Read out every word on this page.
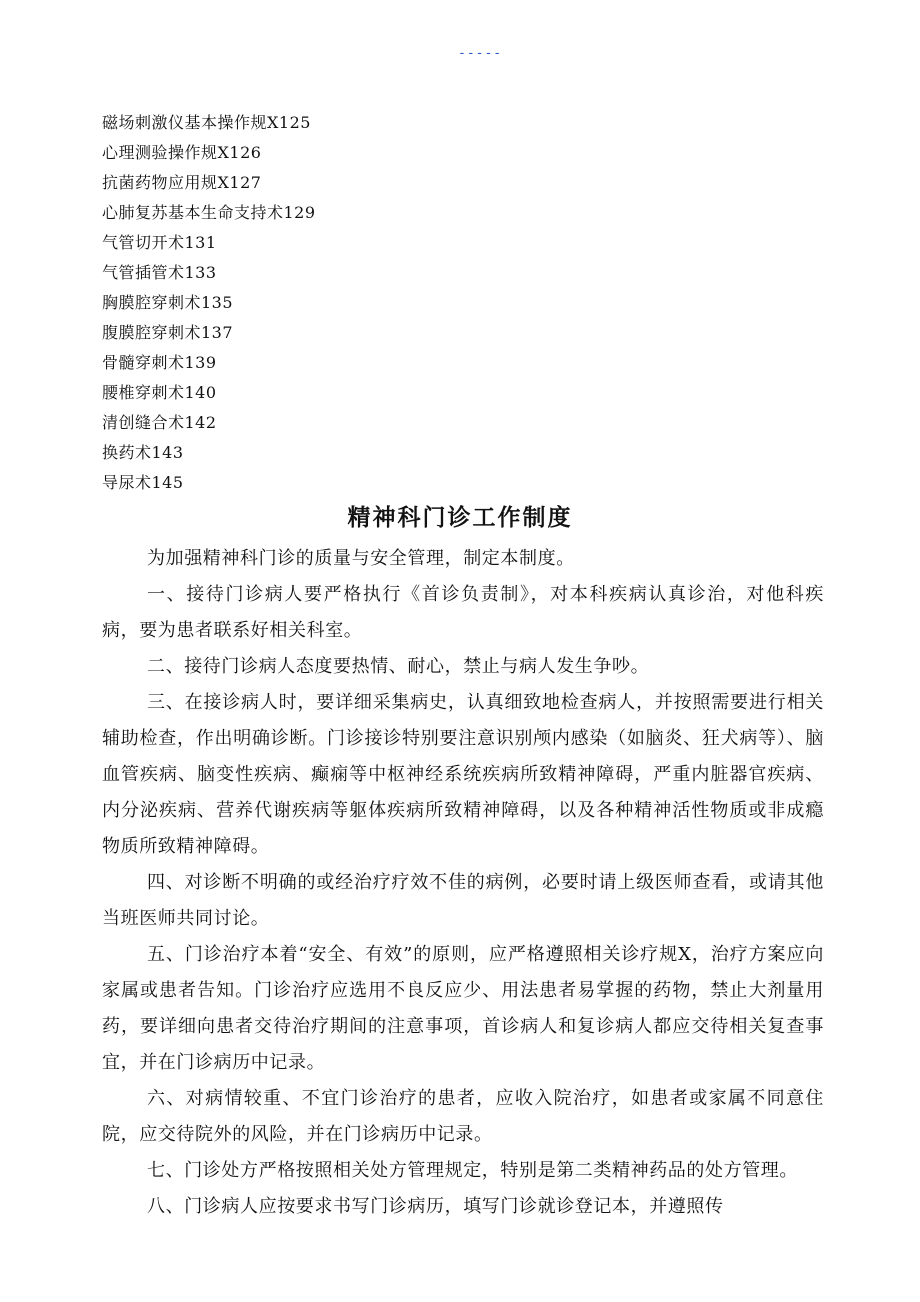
-----
磁场刺激仪基本操作规X125
心理测验操作规X126
抗菌药物应用规X127
心肺复苏基本生命支持术129
气管切开术131
气管插管术133
胸膜腔穿刺术135
腹膜腔穿刺术137
骨髓穿刺术139
腰椎穿刺术140
清创缝合术142
换药术143
导尿术145
精神科门诊工作制度

为加强精神科门诊的质量与安全管理，制定本制度。

一、接待门诊病人要严格执行《首诊负责制》，对本科疾病认真诊治，对他科疾病，要为患者联系好相关科室。

二、接待门诊病人态度要热情、耐心，禁止与病人发生争吵。

三、在接诊病人时，要详细采集病史，认真细致地检查病人，并按照需要进行相关辅助检查，作出明确诊断。门诊接诊特别要注意识别颅内感染（如脑炎、狂犬病等）、脑血管疾病、脑变性疾病、癫痫等中枢神经系统疾病所致精神障碍，严重内脏器官疾病、内分泌疾病、营养代谢疾病等躯体疾病所致精神障碍，以及各种精神活性物质或非成瘾物质所致精神障碍。

四、对诊断不明确的或经治疗疗效不佳的病例，必要时请上级医师查看，或请其他当班医师共同讨论。

五、门诊治疗本着“安全、有效”的原则，应严格遵照相关诊疗规X，治疗方案应向家属或患者告知。门诊治疗应选用不良反应少、用法患者易掌握的药物，禁止大剂量用药，要详细向患者交待治疗期间的注意事项，首诊病人和复诊病人都应交待相关复查事宜，并在门诊病历中记录。

六、对病情较重、不宜门诊治疗的患者，应收入院治疗，如患者或家属不同意住院，应交待院外的风险，并在门诊病历中记录。

七、门诊处方严格按照相关处方管理规定，特别是第二类精神药品的处方管理。

八、门诊病人应按要求书写门诊病历，填写门诊就诊登记本，并遵照传
